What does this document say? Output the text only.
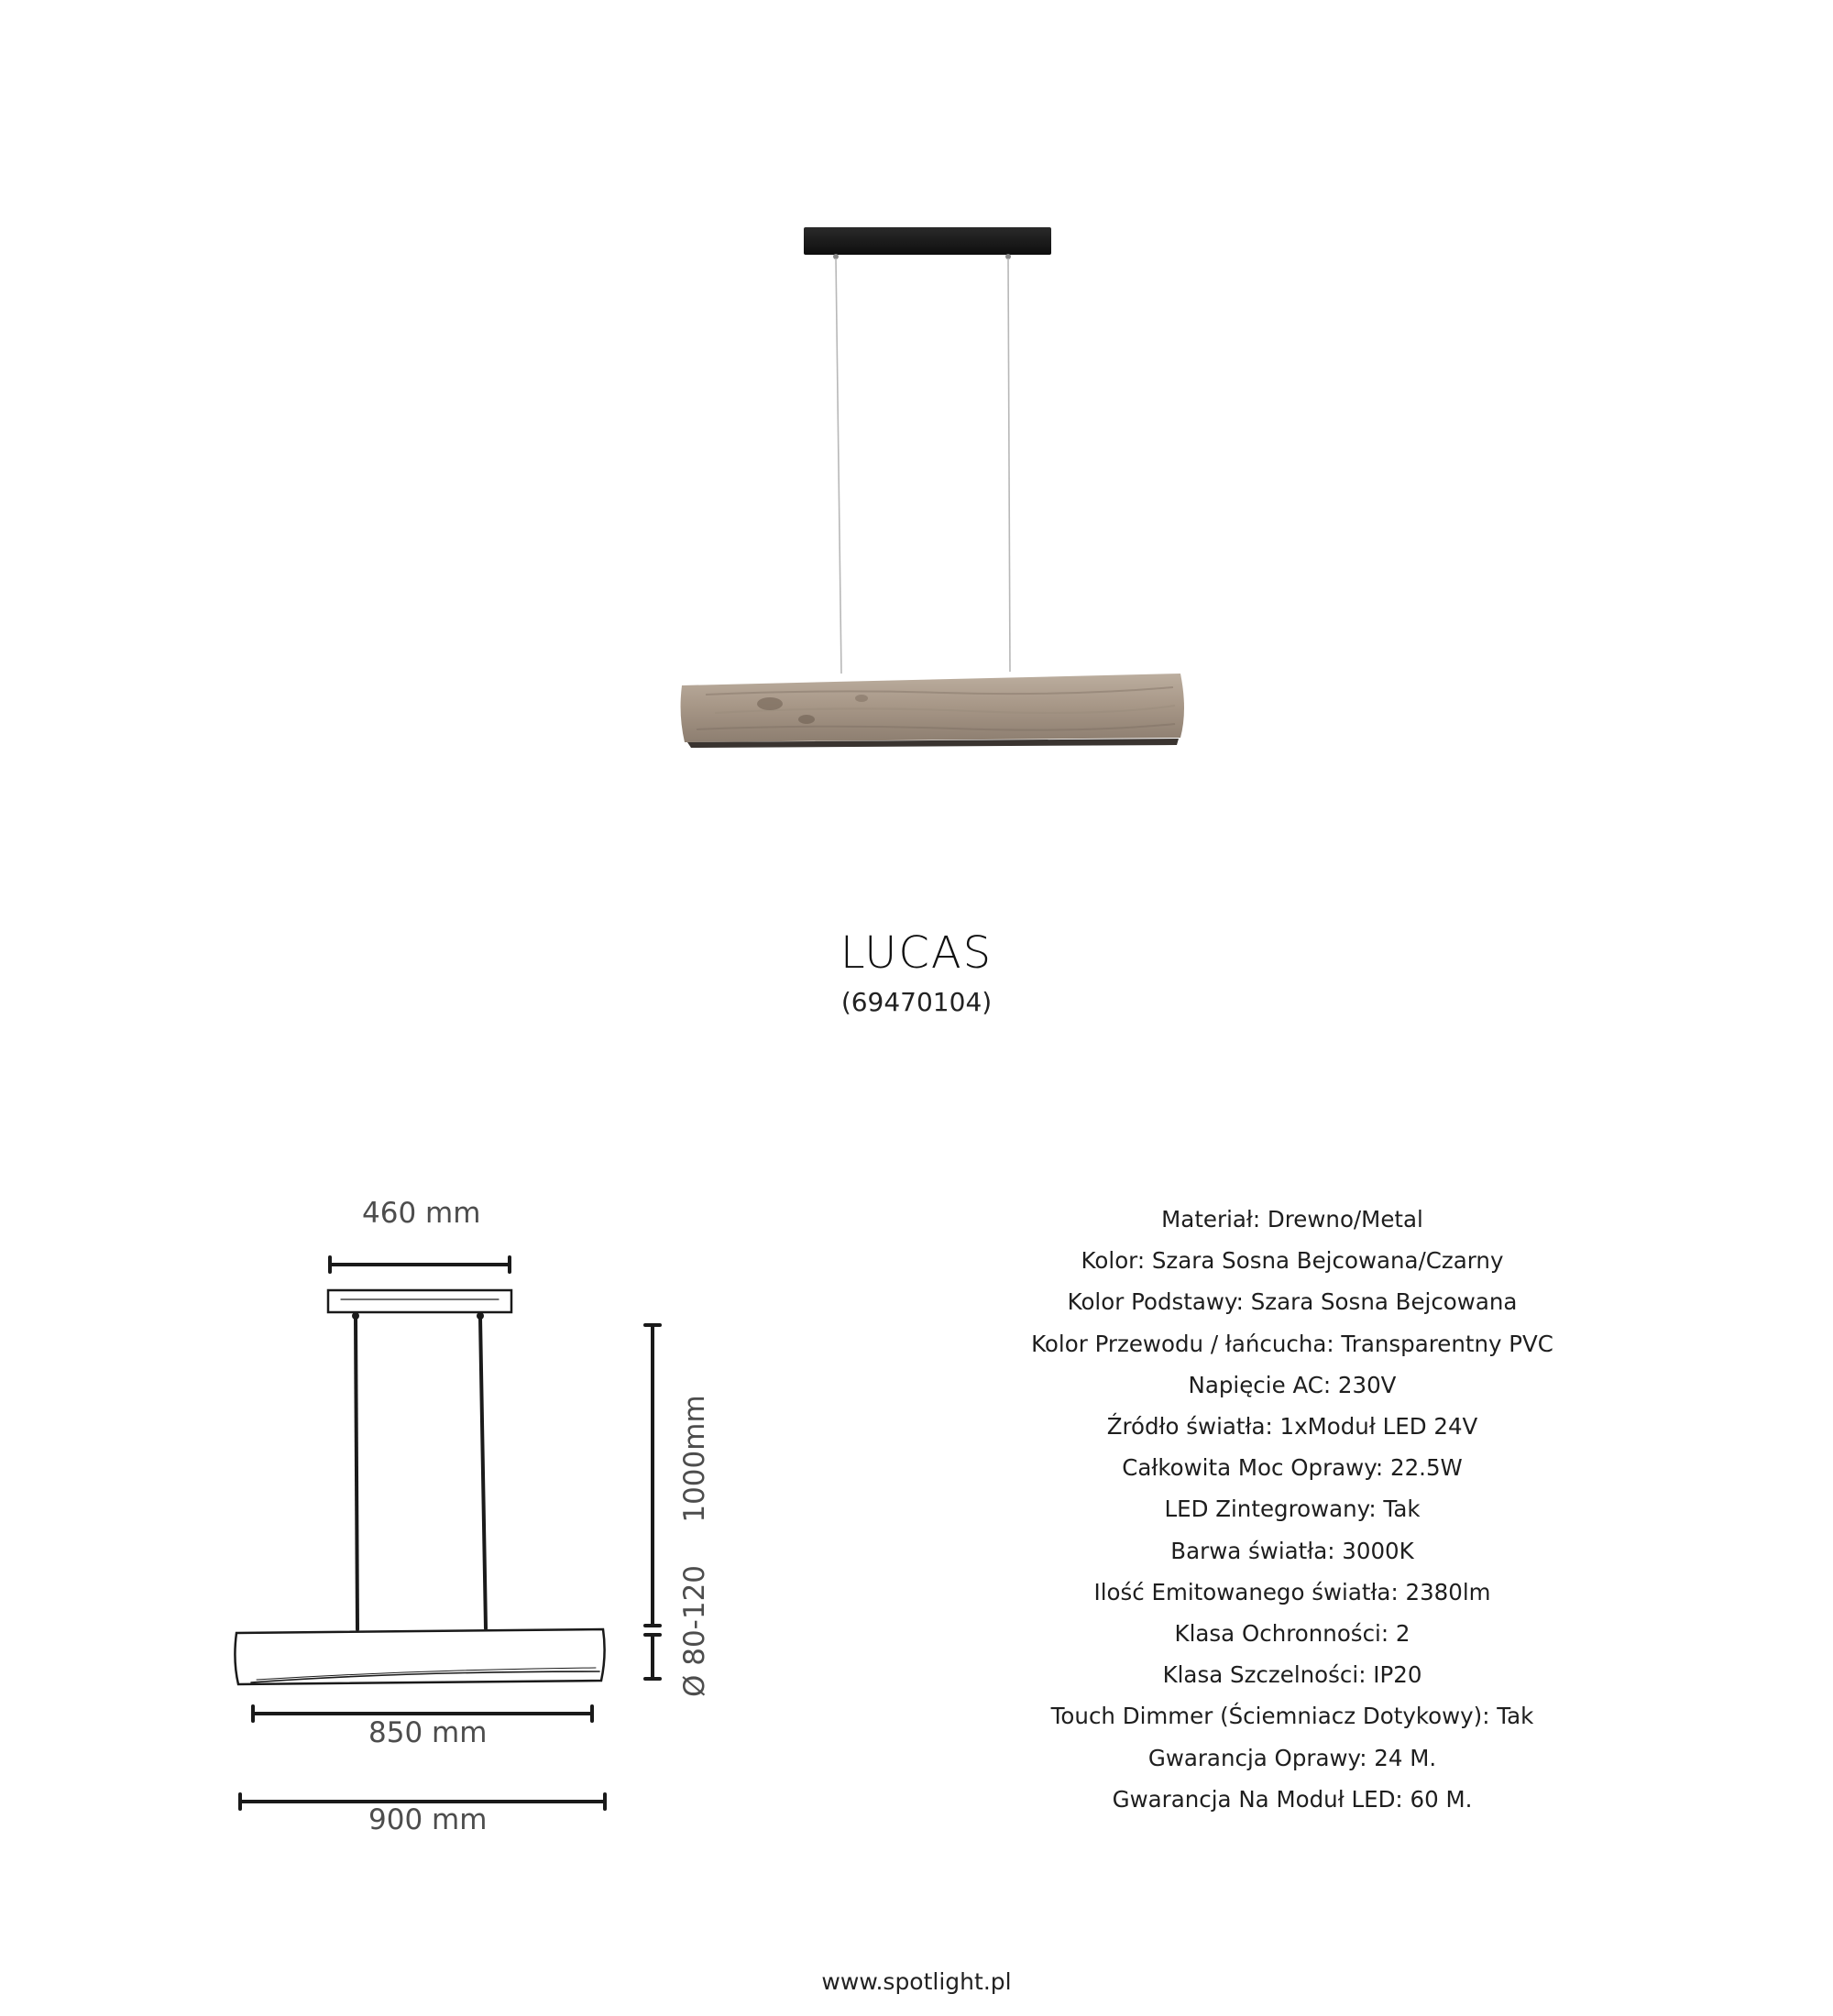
LUCAS
(69470104)
460 mm
850 mm
900 mm
1000mm
Ø 80-120
Materiał: Drewno/Metal
Kolor: Szara Sosna Bejcowana/Czarny
Kolor Podstawy: Szara Sosna Bejcowana
Kolor Przewodu / łańcucha: Transparentny PVC
Napięcie AC: 230V
Źródło światła: 1xModuł LED 24V
Całkowita Moc Oprawy: 22.5W
LED Zintegrowany: Tak
Barwa światła: 3000K
Ilość Emitowanego światła: 2380lm
Klasa Ochronności: 2
Klasa Szczelności: IP20
Touch Dimmer (Ściemniacz Dotykowy): Tak
Gwarancja Oprawy: 24 M.
Gwarancja Na Moduł LED: 60 M.
www.spotlight.pl
